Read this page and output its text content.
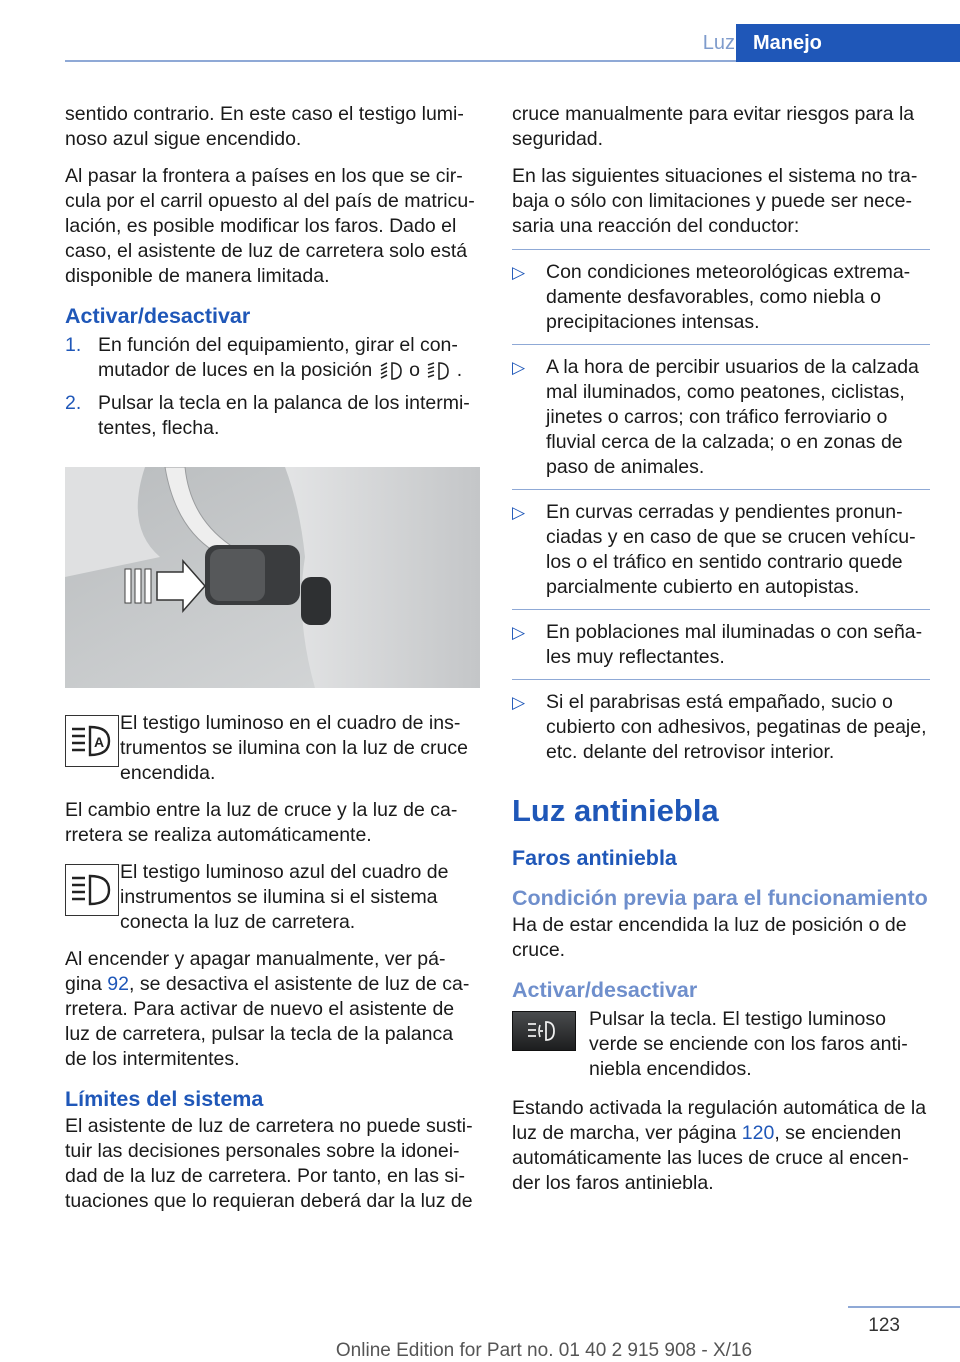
Luz Manejo

sentido contrario. En este caso el testigo lumi-noso azul sigue encendido.

Al pasar la frontera a países en los que se cir-cula por el carril opuesto al del país de matricu-lación, es posible modificar los faros. Dado el caso, el asistente de luz de carretera solo está disponible de manera limitada.

Activar/desactivar
1. En función del equipamiento, girar el con-mutador de luces en la posición o .
2. Pulsar la tecla en la palanca de los intermi-tentes, flecha.
A
El testigo luminoso en el cuadro de ins-trumentos se ilumina con la luz de cruce encendida.

El cambio entre la luz de cruce y la luz de ca-rretera se realiza automáticamente.

El testigo luminoso azul del cuadro de instrumentos se ilumina si el sistema conecta la luz de carretera.

Al encender y apagar manualmente, ver pá-gina 92, se desactiva el asistente de luz de ca-rretera. Para activar de nuevo el asistente de luz de carretera, pulsar la tecla de la palanca de los intermitentes.

Límites del sistema

El asistente de luz de carretera no puede susti-tuir las decisiones personales sobre la idonei-dad de la luz de carretera. Por tanto, en las si-tuaciones que lo requieran deberá dar la luz de

cruce manualmente para evitar riesgos para la seguridad.

En las siguientes situaciones el sistema no tra-baja o sólo con limitaciones y puede ser nece-saria una reacción del conductor:

▷ Con condiciones meteorológicas extrema-damente desfavorables, como niebla o precipitaciones intensas.
▷ A la hora de percibir usuarios de la calzada mal iluminados, como peatones, ciclistas, jinetes o carros; con tráfico ferroviario o fluvial cerca de la calzada; o en zonas de paso de animales.
▷ En curvas cerradas y pendientes pronun-ciadas y en caso de que se crucen vehícu-los o el tráfico en sentido contrario quede parcialmente cubierto en autopistas.
▷ En poblaciones mal iluminadas o con seña-les muy reflectantes.
▷ Si el parabrisas está empañado, sucio o cubierto con adhesivos, pegatinas de peaje, etc. delante del retrovisor interior.
Luz antiniebla
Faros antiniebla
Condición previa para el funcionamiento

Ha de estar encendida la luz de posición o de cruce.

Activar/desactivar
Pulsar la tecla. El testigo luminoso verde se enciende con los faros anti-niebla encendidos.

Estando activada la regulación automática de la luz de marcha, ver página 120, se encienden automáticamente las luces de cruce al encen-der los faros antiniebla.

123
Online Edition for Part no. 01 40 2 915 908 - X/16
